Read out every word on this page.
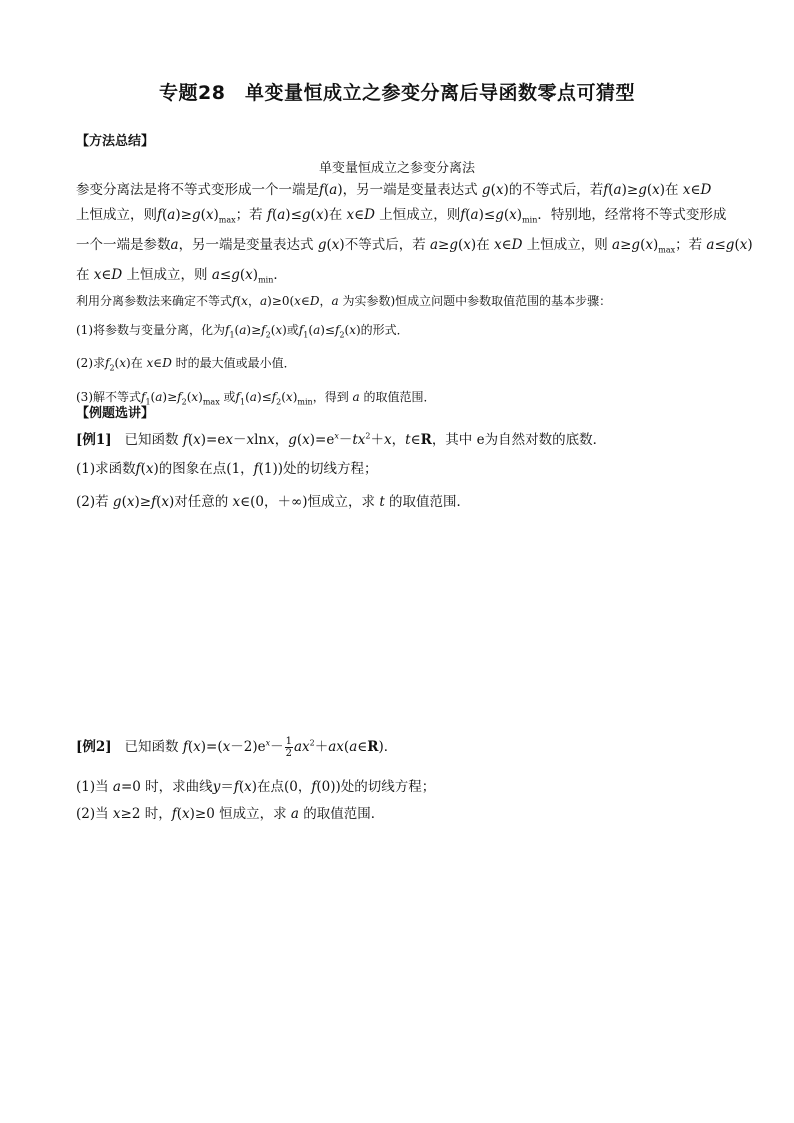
专题28　单变量恒成立之参变分离后导函数零点可猜型
【方法总结】
单变量恒成立之参变分离法
参变分离法是将不等式变形成一个一端是f(a)，另一端是变量表达式 g(x)的不等式后，若f(a)≥g(x)在 x∈D
上恒成立，则$f(a)\ge g(x)_{max}$；若 f(a)≤g(x)在 x∈D 上恒成立，则$f(a)\le g(x)_{min}$．特别地，经常将不等式变形成
一个一端是参数a，另一端是变量表达式 g(x)不等式后，若 a≥g(x)在 x∈D 上恒成立，则 $a\ge g(x)_{max}$；若 a≤g(x)
在 x∈D 上恒成立，则 $a\le g(x)_{min}$．
利用分离参数法来确定不等式f(x，a)≥0(x∈D，a 为实参数)恒成立问题中参数取值范围的基本步骤：
(1)将参数与变量分离，化为$f_1(a)\ge f_2(x)$或$f_1(a)\le f_2(x)$的形式．
(2)求$f_2(x)$在 x∈D 时的最大值或最小值．
(3)解不等式$f_1(a)\ge f_2(x)_{max}$ 或$f_1(a)\le f_2(x)_{min}$，得到 a 的取值范围．
【例题选讲】
[例1]   已知函数 f(x)=ex－xlnx，$g(x)=e^x-tx^2+x$，t∈R，其中 e为自然对数的底数．
(1)求函数f(x)的图象在点(1，f(1))处的切线方程；
(2)若 g(x)≥f(x)对任意的 x∈(0，＋∞)恒成立，求 t 的取值范围．
[例2]   已知函数 $f(x)=(x-2)e^x- \frac{1}{2}$ $ax^2+ax(a\in R)$．
(1)当 a=0 时，求曲线y＝f(x)在点(0，f(0))处的切线方程；
(2)当 x≥2 时，f(x)≥0 恒成立，求 a 的取值范围．
